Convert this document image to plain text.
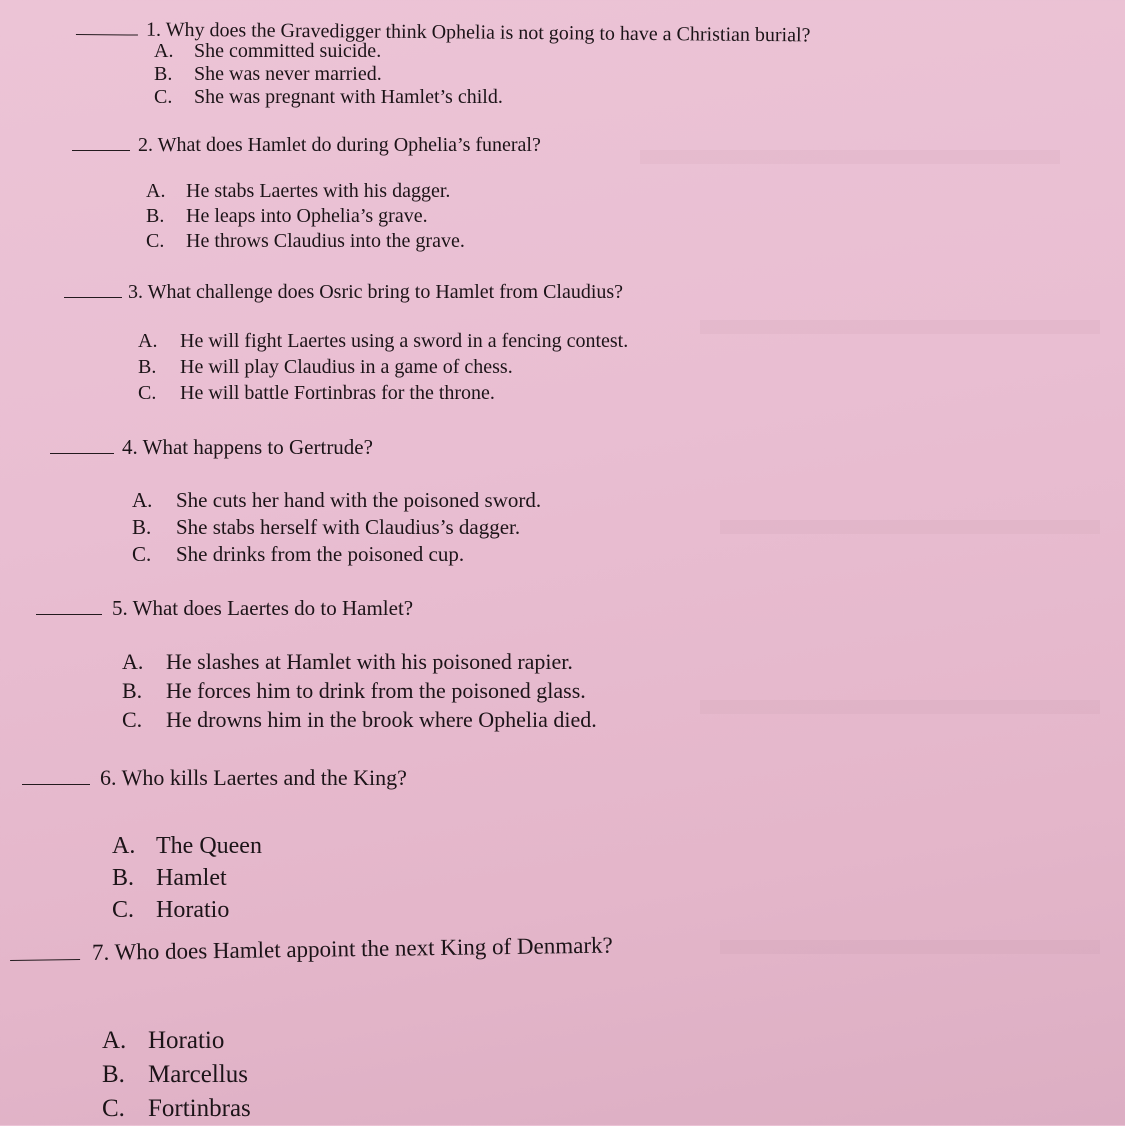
1. Why does the Gravedigger think Ophelia is not going to have a Christian burial?
A. She committed suicide.
B. She was never married.
C. She was pregnant with Hamlet’s child.
2. What does Hamlet do during Ophelia’s funeral?
A. He stabs Laertes with his dagger.
B. He leaps into Ophelia’s grave.
C. He throws Claudius into the grave.
3. What challenge does Osric bring to Hamlet from Claudius?
A. He will fight Laertes using a sword in a fencing contest.
B. He will play Claudius in a game of chess.
C. He will battle Fortinbras for the throne.
4. What happens to Gertrude?
A. She cuts her hand with the poisoned sword.
B. She stabs herself with Claudius’s dagger.
C. She drinks from the poisoned cup.
5. What does Laertes do to Hamlet?
A. He slashes at Hamlet with his poisoned rapier.
B. He forces him to drink from the poisoned glass.
C. He drowns him in the brook where Ophelia died.
6. Who kills Laertes and the King?
A. The Queen
B. Hamlet
C. Horatio
7. Who does Hamlet appoint the next King of Denmark?
A. Horatio
B. Marcellus
C. Fortinbras
